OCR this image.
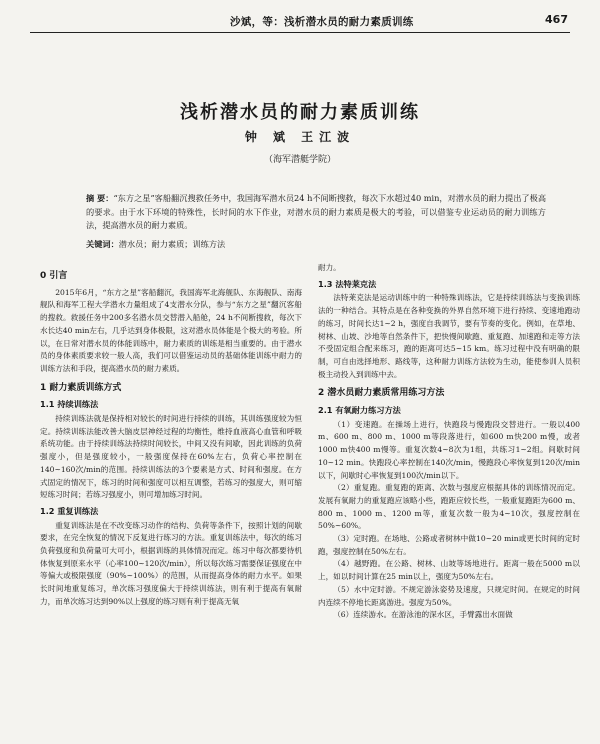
沙斌，等：浅析潜水员的耐力素质训练	467
浅析潜水员的耐力素质训练
钟 斌 王江波
（海军潜艇学院）
摘 要：“东方之星”客船翻沉搜救任务中，我国海军潜水员24 h不间断搜救，每次下水超过40 min，对潜水员的耐力提出了极高的要求。由于水下环境的特殊性，长时间的水下作业，对潜水员的耐力素质是极大的考验，可以借鉴专业运动员的耐力训练方法，提高潜水员的耐力素质。
关键词：潜水员；耐力素质；训练方法
0 引言

2015年6月，“东方之星”客船翻沉，我国海军北海舰队、东海舰队、南海舰队和海军工程大学潜水力量组成了4支潜水分队，参与“东方之星”翻沉客船的搜救。救援任务中200多名潜水员交替潜入船舱，24 h不间断搜救，每次下水长达40 min左右，几乎达到身体极限，这对潜水员体能是个极大的考验。所以，在日常对潜水员的体能训练中，耐力素质的训练是相当重要的。由于潜水员的身体素质要求较一般人高，我们可以借鉴运动员的基础体能训练中耐力的训练方法和手段，提高潜水员的耐力素质。

1 耐力素质训练方式
1.1 持续训练法

持续训练法就是保持相对较长的时间进行持续的训练，其训练强度较为恒定。持续训练法能改善大脑皮层神经过程的均衡性，维持血液高心血管和呼吸系统功能。由于持续训练法持续时间较长，中间又没有间歇，因此训练的负荷强度小，但是强度较小，一般强度保持在60%左右，负荷心率控制在140~160次/min的范围。持续训练法的3个要素是方式、时间和强度。在方式固定的情况下，练习的时间和强度可以相互调整，若练习的强度大，则可缩短练习时间；若练习强度小，则可增加练习时间。

1.2 重复训练法

重复训练法是在不改变练习动作的结构、负荷等条件下，按照计划的间歇要求，在完全恢复的情况下反复进行练习的方法。重复训练法中，每次的练习负荷强度和负荷量可大可小，根据训练的具体情况而定。练习中每次都要待机体恢复到原来水平（心率100~120次/min），所以每次练习需要保证强度在中等偏大或极限强度（90%~100%）的范围，从而提高身体的耐力水平。如果长时间地重复练习，单次练习强度偏大于持续训练法，则有利于提高有氧耐力，而单次练习达到90%以上强度的练习则有利于提高无氧

耐力。

1.3 法特莱克法

法特莱克法是运动训练中的一种特殊训练法，它是持续训练法与变换训练法的一种结合。其特点是在各种变换的外界自然环境下进行持续、变速地跑动的练习，时间长达1~2 h，强度自我调节，要有节奏的变化。例如，在草地、树林、山坡、沙地等自然条件下，把快慢间歇跑、重复跑、加速跑和走等方法不受固定组合配来练习，跑的距离可达5~15 km。练习过程中没有明确的限制，可自由选择地形、路线等，这种耐力训练方法较为生动，能使参训人员积极主动投入到训练中去。

2 潜水员耐力素质常用练习方法
2.1 有氧耐力练习方法

（1）变速跑。在操场上进行，快跑段与慢跑段交替进行。一般以400 m、600 m、800 m、1000 m等段落进行，如600 m快200 m慢，或者1000 m快400 m慢等。重复次数4~8次为1组，共练习1~2组。间歇时间10~12 min。快跑段心率控制在140次/min，慢跑段心率恢复到120次/min以下，间歇时心率恢复到100次/min以下。

（2）重复跑。重复跑的距离、次数与强度应根据具体的训练情况而定。发展有氧耐力的重复跑应该略小些，跑距应较长些，一般重复跑距为600 m、800 m、1000 m、1200 m等，重复次数一般为4~10次，强度控制在50%~60%。

（3）定时跑。在场地、公路或者树林中做10~20 min或更长时间的定时跑，强度控制在50%左右。

（4）越野跑。在公路、树林、山坡等场地进行。距离一般在5000 m以上，如以时间计算在25 min以上，强度为50%左右。

（5）水中定时游。不规定游泳姿势及速度，只规定时间。在规定的时间内连续不停地长距离游进。强度为50%。

（6）连续游水。在游泳池的深水区，手臂露出水面做
